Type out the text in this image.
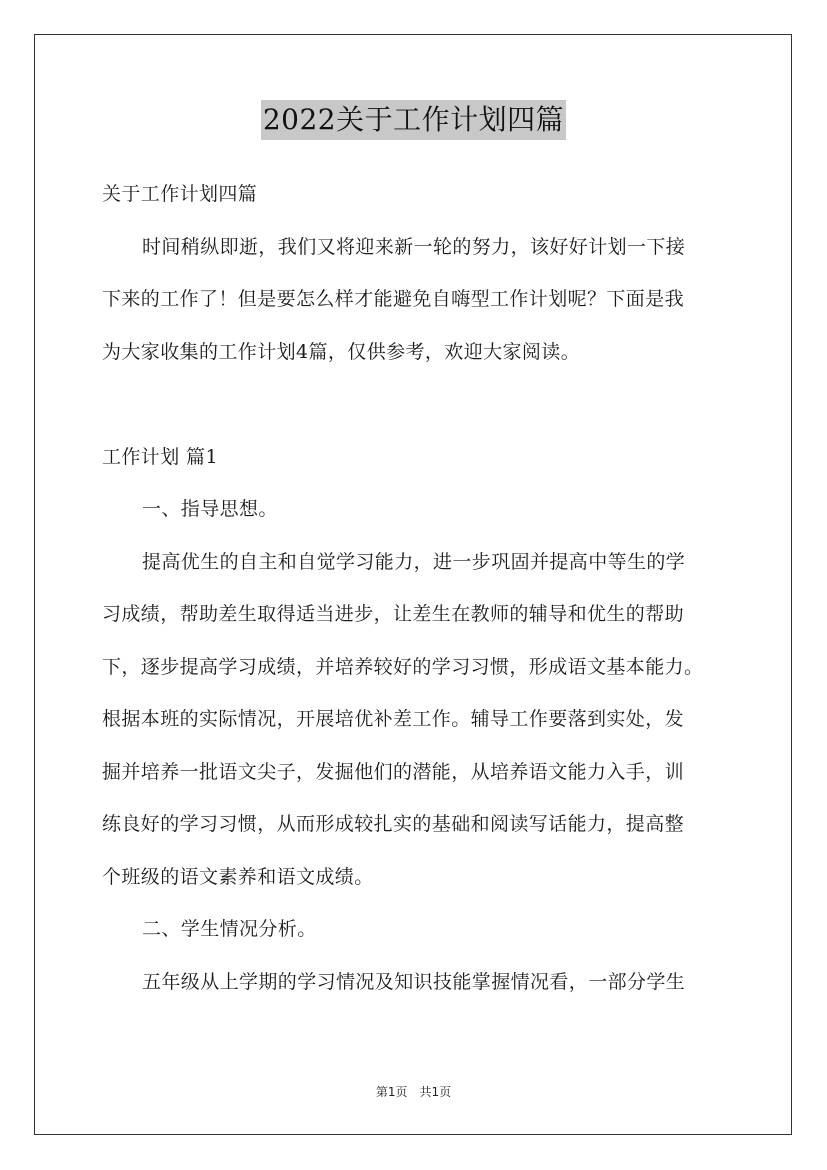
2022关于工作计划四篇
关于工作计划四篇
时间稍纵即逝，我们又将迎来新一轮的努力，该好好计划一下接
下来的工作了！但是要怎么样才能避免自嗨型工作计划呢？下面是我
为大家收集的工作计划4篇，仅供参考，欢迎大家阅读。
工作计划 篇1
一、指导思想。
提高优生的自主和自觉学习能力，进一步巩固并提高中等生的学
习成绩，帮助差生取得适当进步，让差生在教师的辅导和优生的帮助
下，逐步提高学习成绩，并培养较好的学习习惯，形成语文基本能力。
根据本班的实际情况，开展培优补差工作。辅导工作要落到实处，发
掘并培养一批语文尖子，发掘他们的潜能，从培养语文能力入手，训
练良好的学习习惯，从而形成较扎实的基础和阅读写话能力，提高整
个班级的语文素养和语文成绩。
二、学生情况分析。
五年级从上学期的学习情况及知识技能掌握情况看，一部分学生
第1页　共1页
